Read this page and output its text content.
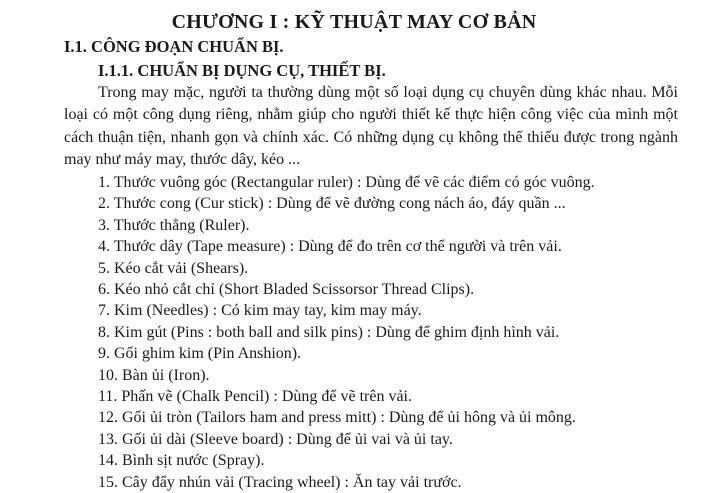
CHƯƠNG I : KỸ THUẬT MAY CƠ BẢN
I.1. CÔNG ĐOẠN CHUẨN BỊ.
I.1.1. CHUẨN BỊ DỤNG CỤ, THIẾT BỊ.

Trong may mặc, người ta thường dùng một số loại dụng cụ chuyên dùng khác nhau. Mỗi loại có một công dụng riêng, nhằm giúp cho người thiết kế thực hiện công việc của mình một cách thuận tiện, nhanh gọn và chính xác. Có những dụng cụ không thể thiếu được trong ngành may như máy may, thước dây, kéo ...

1. Thước vuông góc (Rectangular ruler) : Dùng để vẽ các điểm có góc vuông.
2. Thước cong (Cur stick) : Dùng để vẽ đường cong nách áo, đáy quần ...
3. Thước thẳng (Ruler).
4. Thước dây (Tape measure) : Dùng để đo trên cơ thể người và trên vải.
5. Kéo cắt vải (Shears).
6. Kéo nhỏ cắt chỉ (Short Bladed Scissorsor Thread Clips).
7. Kim (Needles) : Có kim may tay, kim may máy.
8. Kim gút (Pins : both ball and silk pins) : Dùng để ghim định hình vải.
9. Gối ghim kim (Pin Anshion).
10. Bàn ủi (Iron).
11. Phấn vẽ (Chalk Pencil) : Dùng để vẽ trên vải.
12. Gối ủi tròn (Tailors ham and press mitt) : Dùng để ủi hông và ủi mông.
13. Gối ủi dài (Sleeve board) : Dùng để ủi vai và ủi tay.
14. Bình sịt nước (Spray).
15. Cây đẩy nhún vải (Tracing wheel) : Ăn tay vải trước.
